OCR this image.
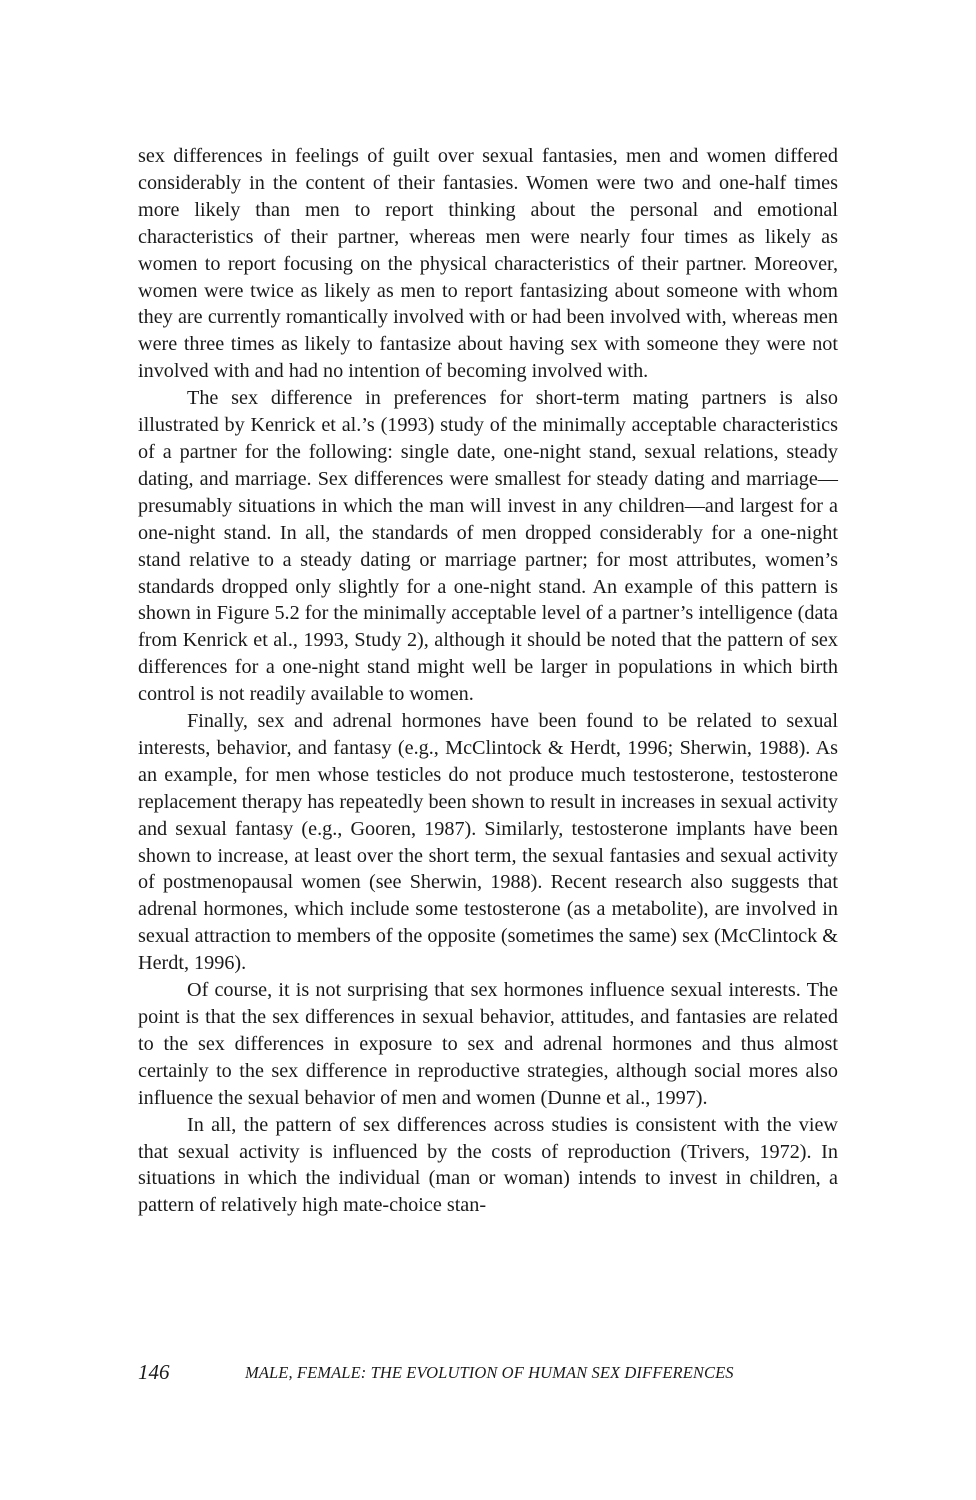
sex differences in feelings of guilt over sexual fantasies, men and women differed considerably in the content of their fantasies. Women were two and one-half times more likely than men to report thinking about the personal and emotional characteristics of their partner, whereas men were nearly four times as likely as women to report focusing on the physical characteristics of their partner. Moreover, women were twice as likely as men to report fantasizing about someone with whom they are currently romantically involved with or had been involved with, whereas men were three times as likely to fantasize about having sex with someone they were not involved with and had no intention of becoming involved with.

The sex difference in preferences for short-term mating partners is also illustrated by Kenrick et al.’s (1993) study of the minimally acceptable characteristics of a partner for the following: single date, one-night stand, sexual relations, steady dating, and marriage. Sex differences were smallest for steady dating and marriage—presumably situations in which the man will invest in any children—and largest for a one-night stand. In all, the standards of men dropped considerably for a one-night stand relative to a steady dating or marriage partner; for most attributes, women’s standards dropped only slightly for a one-night stand. An example of this pattern is shown in Figure 5.2 for the minimally acceptable level of a partner’s intelligence (data from Kenrick et al., 1993, Study 2), although it should be noted that the pattern of sex differences for a one-night stand might well be larger in populations in which birth control is not readily available to women.

Finally, sex and adrenal hormones have been found to be related to sexual interests, behavior, and fantasy (e.g., McClintock & Herdt, 1996; Sherwin, 1988). As an example, for men whose testicles do not produce much testosterone, testosterone replacement therapy has repeatedly been shown to result in increases in sexual activity and sexual fantasy (e.g., Gooren, 1987). Similarly, testosterone implants have been shown to increase, at least over the short term, the sexual fantasies and sexual activity of postmenopausal women (see Sherwin, 1988). Recent research also suggests that adrenal hormones, which include some testosterone (as a metabolite), are involved in sexual attraction to members of the opposite (sometimes the same) sex (McClintock & Herdt, 1996).

Of course, it is not surprising that sex hormones influence sexual interests. The point is that the sex differences in sexual behavior, attitudes, and fantasies are related to the sex differences in exposure to sex and adrenal hormones and thus almost certainly to the sex difference in reproductive strategies, although social mores also influence the sexual behavior of men and women (Dunne et al., 1997).

In all, the pattern of sex differences across studies is consistent with the view that sexual activity is influenced by the costs of reproduction (Trivers, 1972). In situations in which the individual (man or woman) intends to invest in children, a pattern of relatively high mate-choice stan-

146	MALE, FEMALE: THE EVOLUTION OF HUMAN SEX DIFFERENCES
